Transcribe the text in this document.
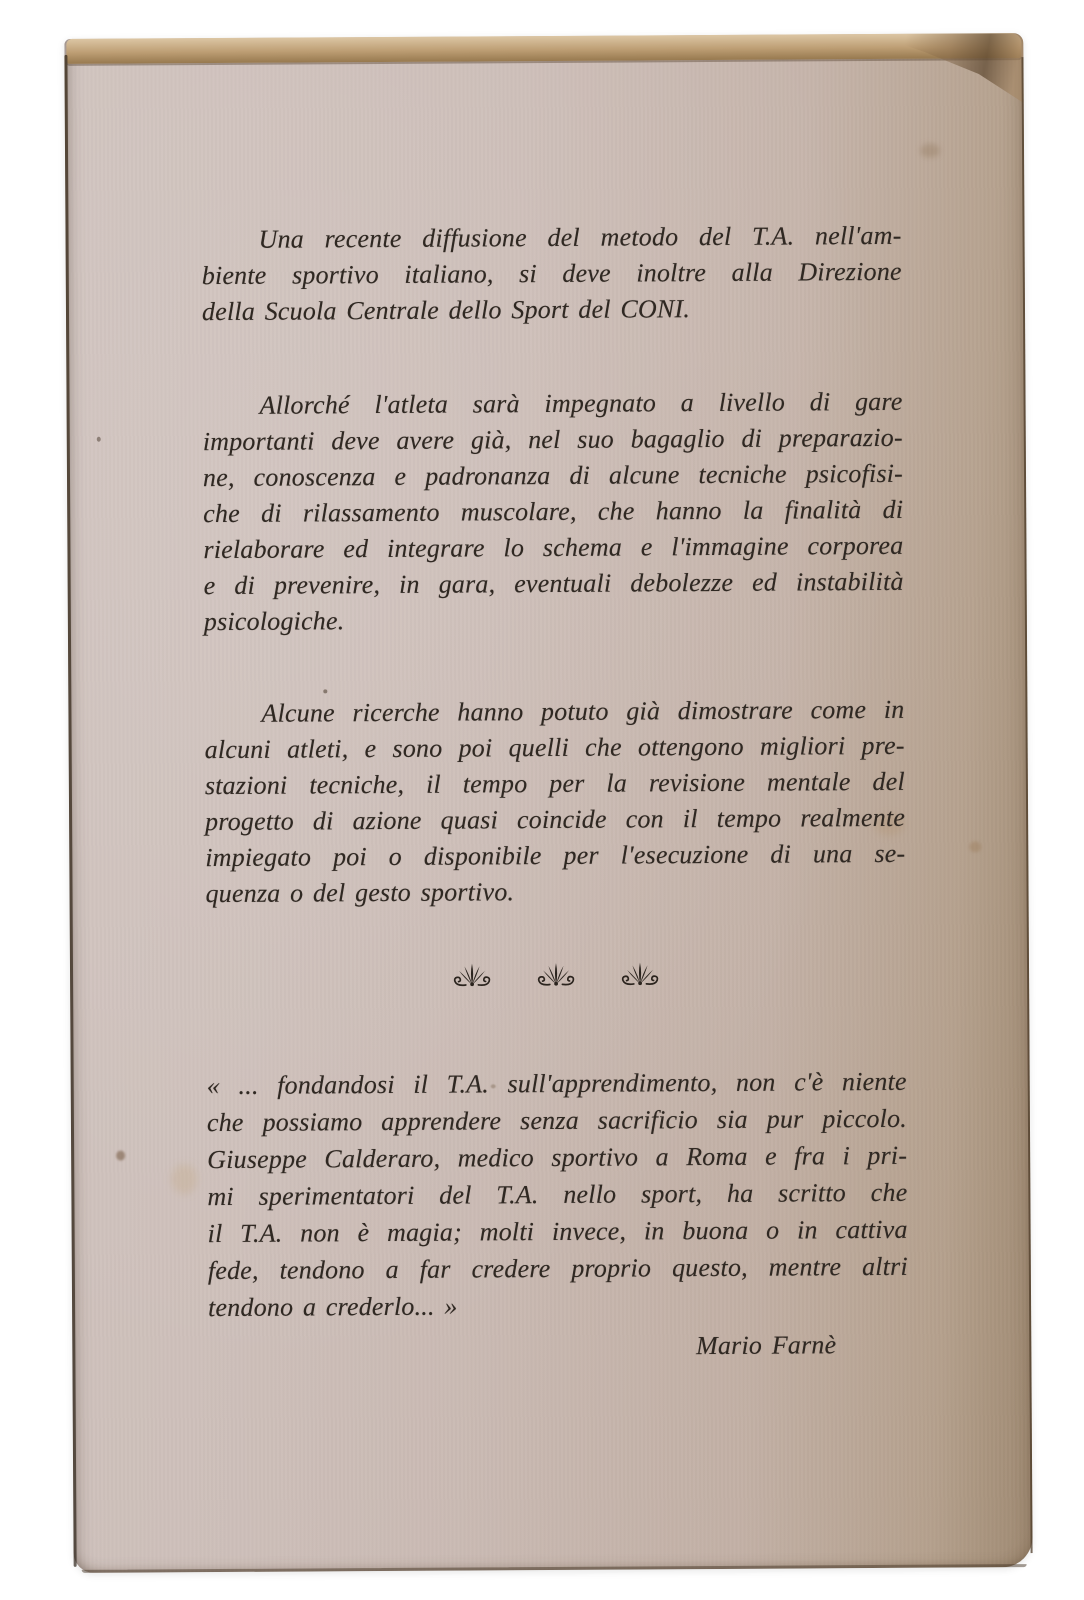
Una recente diffusione del metodo del T.A. nell'am-
biente sportivo italiano, si deve inoltre alla Direzione
della Scuola Centrale dello Sport del CONI.
Allorché l'atleta sarà impegnato a livello di gare
importanti deve avere già, nel suo bagaglio di preparazio-
ne, conoscenza e padronanza di alcune tecniche psicofisi-
che di rilassamento muscolare, che hanno la finalità di
rielaborare ed integrare lo schema e l'immagine corporea
e di prevenire, in gara, eventuali debolezze ed instabilità
psicologiche.
Alcune ricerche hanno potuto già dimostrare come in
alcuni atleti, e sono poi quelli che ottengono migliori pre-
stazioni tecniche, il tempo per la revisione mentale del
progetto di azione quasi coincide con il tempo realmente
impiegato poi o disponibile per l'esecuzione di una se-
quenza o del gesto sportivo.
« ... fondandosi il T.A. sull'apprendimento, non c'è niente
che possiamo apprendere senza sacrificio sia pur piccolo.
Giuseppe Calderaro, medico sportivo a Roma e fra i pri-
mi sperimentatori del T.A. nello sport, ha scritto che
il T.A. non è magia; molti invece, in buona o in cattiva
fede, tendono a far credere proprio questo, mentre altri
tendono a crederlo... »
Mario Farnè
